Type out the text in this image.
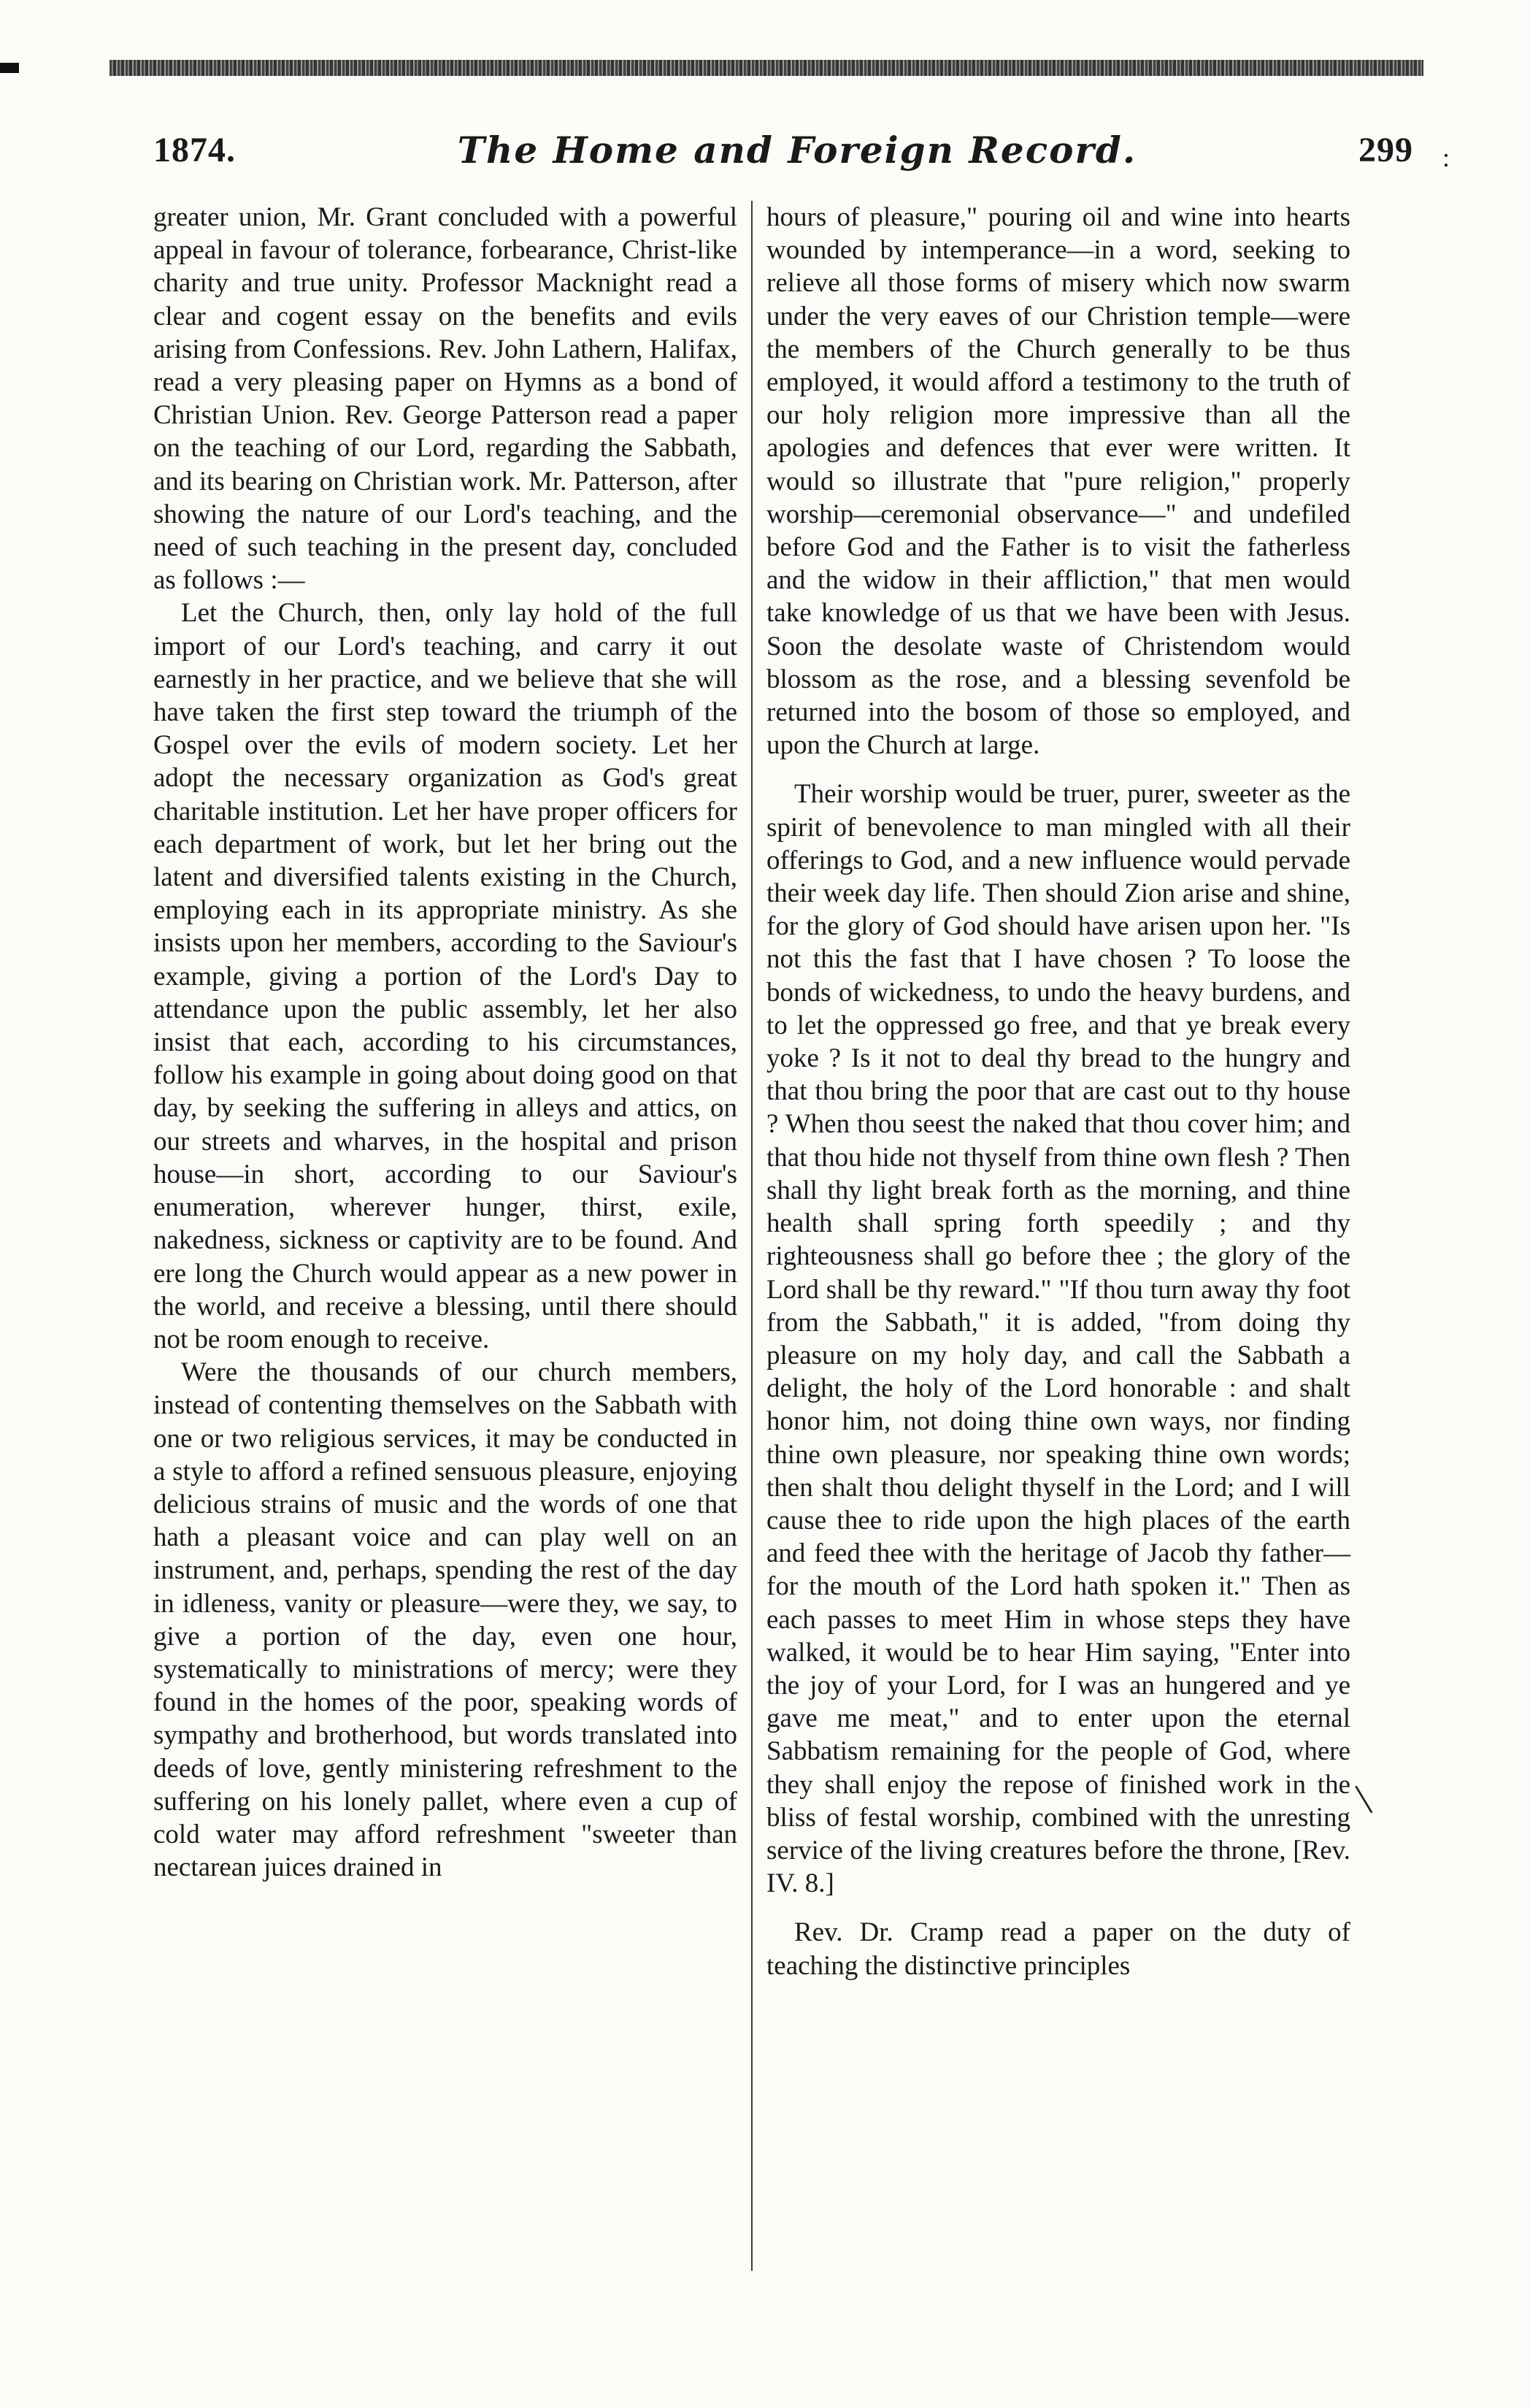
1874.	The Home and Foreign Record.	299 :

greater union, Mr. Grant concluded with a powerful appeal in favour of tolerance, forbearance, Christ-like charity and true unity. Professor Macknight read a clear and cogent essay on the benefits and evils arising from Confessions. Rev. John Lathern, Halifax, read a very pleasing paper on Hymns as a bond of Christian Union. Rev. George Patterson read a paper on the teaching of our Lord, regarding the Sabbath, and its bearing on Christian work. Mr. Patterson, after showing the nature of our Lord's teaching, and the need of such teaching in the present day, concluded as follows :—

Let the Church, then, only lay hold of the full import of our Lord's teaching, and carry it out earnestly in her practice, and we believe that she will have taken the first step toward the triumph of the Gospel over the evils of modern society. Let her adopt the necessary organization as God's great charitable institution. Let her have proper officers for each department of work, but let her bring out the latent and diversified talents existing in the Church, employing each in its appropriate ministry. As she insists upon her members, according to the Saviour's example, giving a portion of the Lord's Day to attendance upon the public assembly, let her also insist that each, according to his circumstances, follow his example in going about doing good on that day, by seeking the suffering in alleys and attics, on our streets and wharves, in the hospital and prison house—in short, according to our Saviour's enumeration, wherever hunger, thirst, exile, nakedness, sickness or captivity are to be found. And ere long the Church would appear as a new power in the world, and receive a blessing, until there should not be room enough to receive.

Were the thousands of our church members, instead of contenting themselves on the Sabbath with one or two religious services, it may be conducted in a style to afford a refined sensuous pleasure, enjoying delicious strains of music and the words of one that hath a pleasant voice and can play well on an instrument, and, perhaps, spending the rest of the day in idleness, vanity or pleasure—were they, we say, to give a portion of the day, even one hour, systematically to ministrations of mercy; were they found in the homes of the poor, speaking words of sympathy and brotherhood, but words translated into deeds of love, gently ministering refreshment to the suffering on his lonely pallet, where even a cup of cold water may afford refreshment "sweeter than nectarean juices drained in

hours of pleasure," pouring oil and wine into hearts wounded by intemperance—in a word, seeking to relieve all those forms of misery which now swarm under the very eaves of our Christion temple—were the members of the Church generally to be thus employed, it would afford a testimony to the truth of our holy religion more impressive than all the apologies and defences that ever were written. It would so illustrate that "pure religion," properly worship—ceremonial observance—" and undefiled before God and the Father is to visit the fatherless and the widow in their affliction," that men would take knowledge of us that we have been with Jesus. Soon the desolate waste of Christendom would blossom as the rose, and a blessing sevenfold be returned into the bosom of those so employed, and upon the Church at large.

Their worship would be truer, purer, sweeter as the spirit of benevolence to man mingled with all their offerings to God, and a new influence would pervade their week day life. Then should Zion arise and shine, for the glory of God should have arisen upon her. "Is not this the fast that I have chosen ? To loose the bonds of wickedness, to undo the heavy burdens, and to let the oppressed go free, and that ye break every yoke ? Is it not to deal thy bread to the hungry and that thou bring the poor that are cast out to thy house ? When thou seest the naked that thou cover him; and that thou hide not thyself from thine own flesh ? Then shall thy light break forth as the morning, and thine health shall spring forth speedily ; and thy righteousness shall go before thee ; the glory of the Lord shall be thy reward." "If thou turn away thy foot from the Sabbath," it is added, "from doing thy pleasure on my holy day, and call the Sabbath a delight, the holy of the Lord honorable : and shalt honor him, not doing thine own ways, nor finding thine own pleasure, nor speaking thine own words; then shalt thou delight thyself in the Lord; and I will cause thee to ride upon the high places of the earth and feed thee with the heritage of Jacob thy father—for the mouth of the Lord hath spoken it." Then as each passes to meet Him in whose steps they have walked, it would be to hear Him saying, "Enter into the joy of your Lord, for I was an hungered and ye gave me meat," and to enter upon the eternal Sabbatism remaining for the people of God, where they shall enjoy the repose of finished work in the bliss of festal worship, combined with the unresting service of the living creatures before the throne, [Rev. IV. 8.]

Rev. Dr. Cramp read a paper on the duty of teaching the distinctive principles

\
